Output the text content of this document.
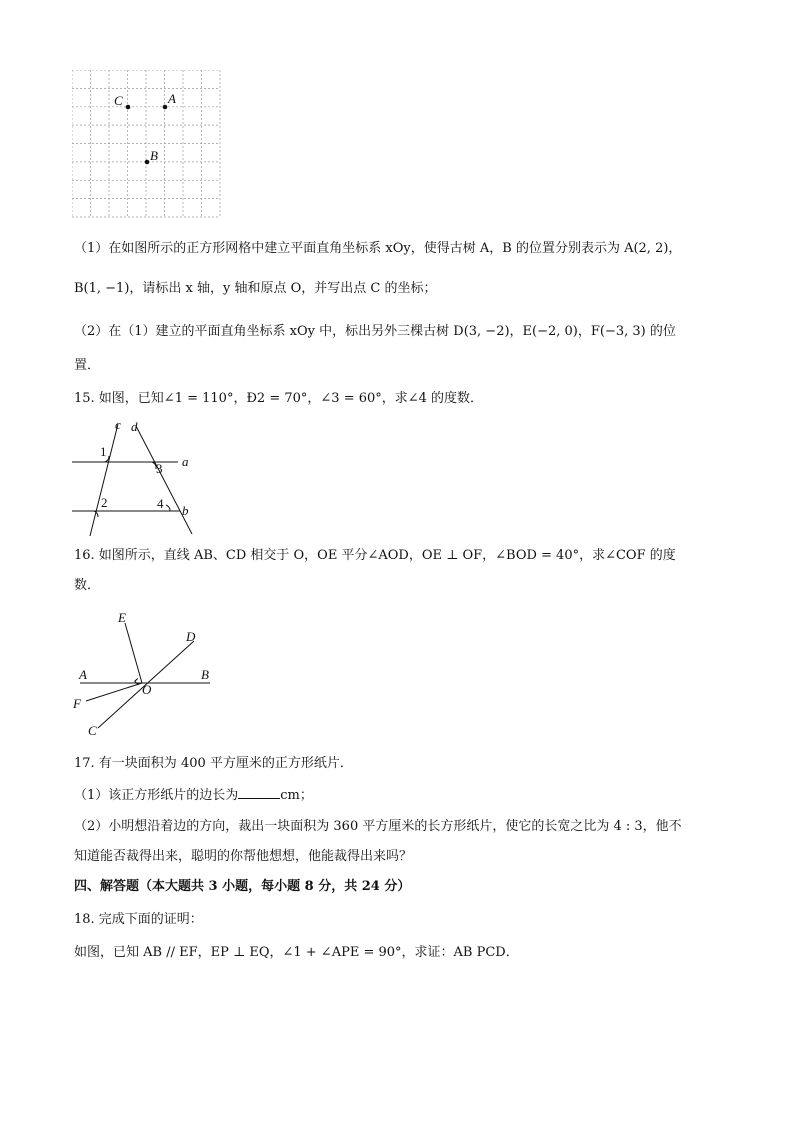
C	A
B
（1）在如图所示的正方形网格中建立平面直角坐标系 xOy，使得古树 A，B 的位置分别表示为 A(2, 2)，
B(1, −1)，请标出 x 轴，y 轴和原点 O，并写出点 C 的坐标；
（2）在（1）建立的平面直角坐标系 xOy 中，标出另外三棵古树 D(3, −2)，E(−2, 0)，F(−3, 3) 的位
置．
15. 如图，已知∠1 = 110°，Ð2 = 70°，∠3 = 60°，求∠4 的度数．
c d
a
b
1
3
2	4
16. 如图所示，直线 AB、CD 相交于 O，OE 平分∠AOD，OE ⊥ OF，∠BOD = 40°，求∠COF 的度
数．
E
D
A	B
O
F
C
17. 有一块面积为 400 平方厘米的正方形纸片．
（1）该正方形纸片的边长为	cm；
（2）小明想沿着边的方向，裁出一块面积为 360 平方厘米的长方形纸片，使它的长宽之比为 4 : 3，他不
知道能否裁得出来，聪明的你帮他想想，他能裁得出来吗？
四、解答题（本大题共 3 小题，每小题 8 分，共 24 分）
18. 完成下面的证明：
如图，已知 AB // EF，EP ⊥ EQ，∠1 + ∠APE = 90°，求证：AB PCD．
